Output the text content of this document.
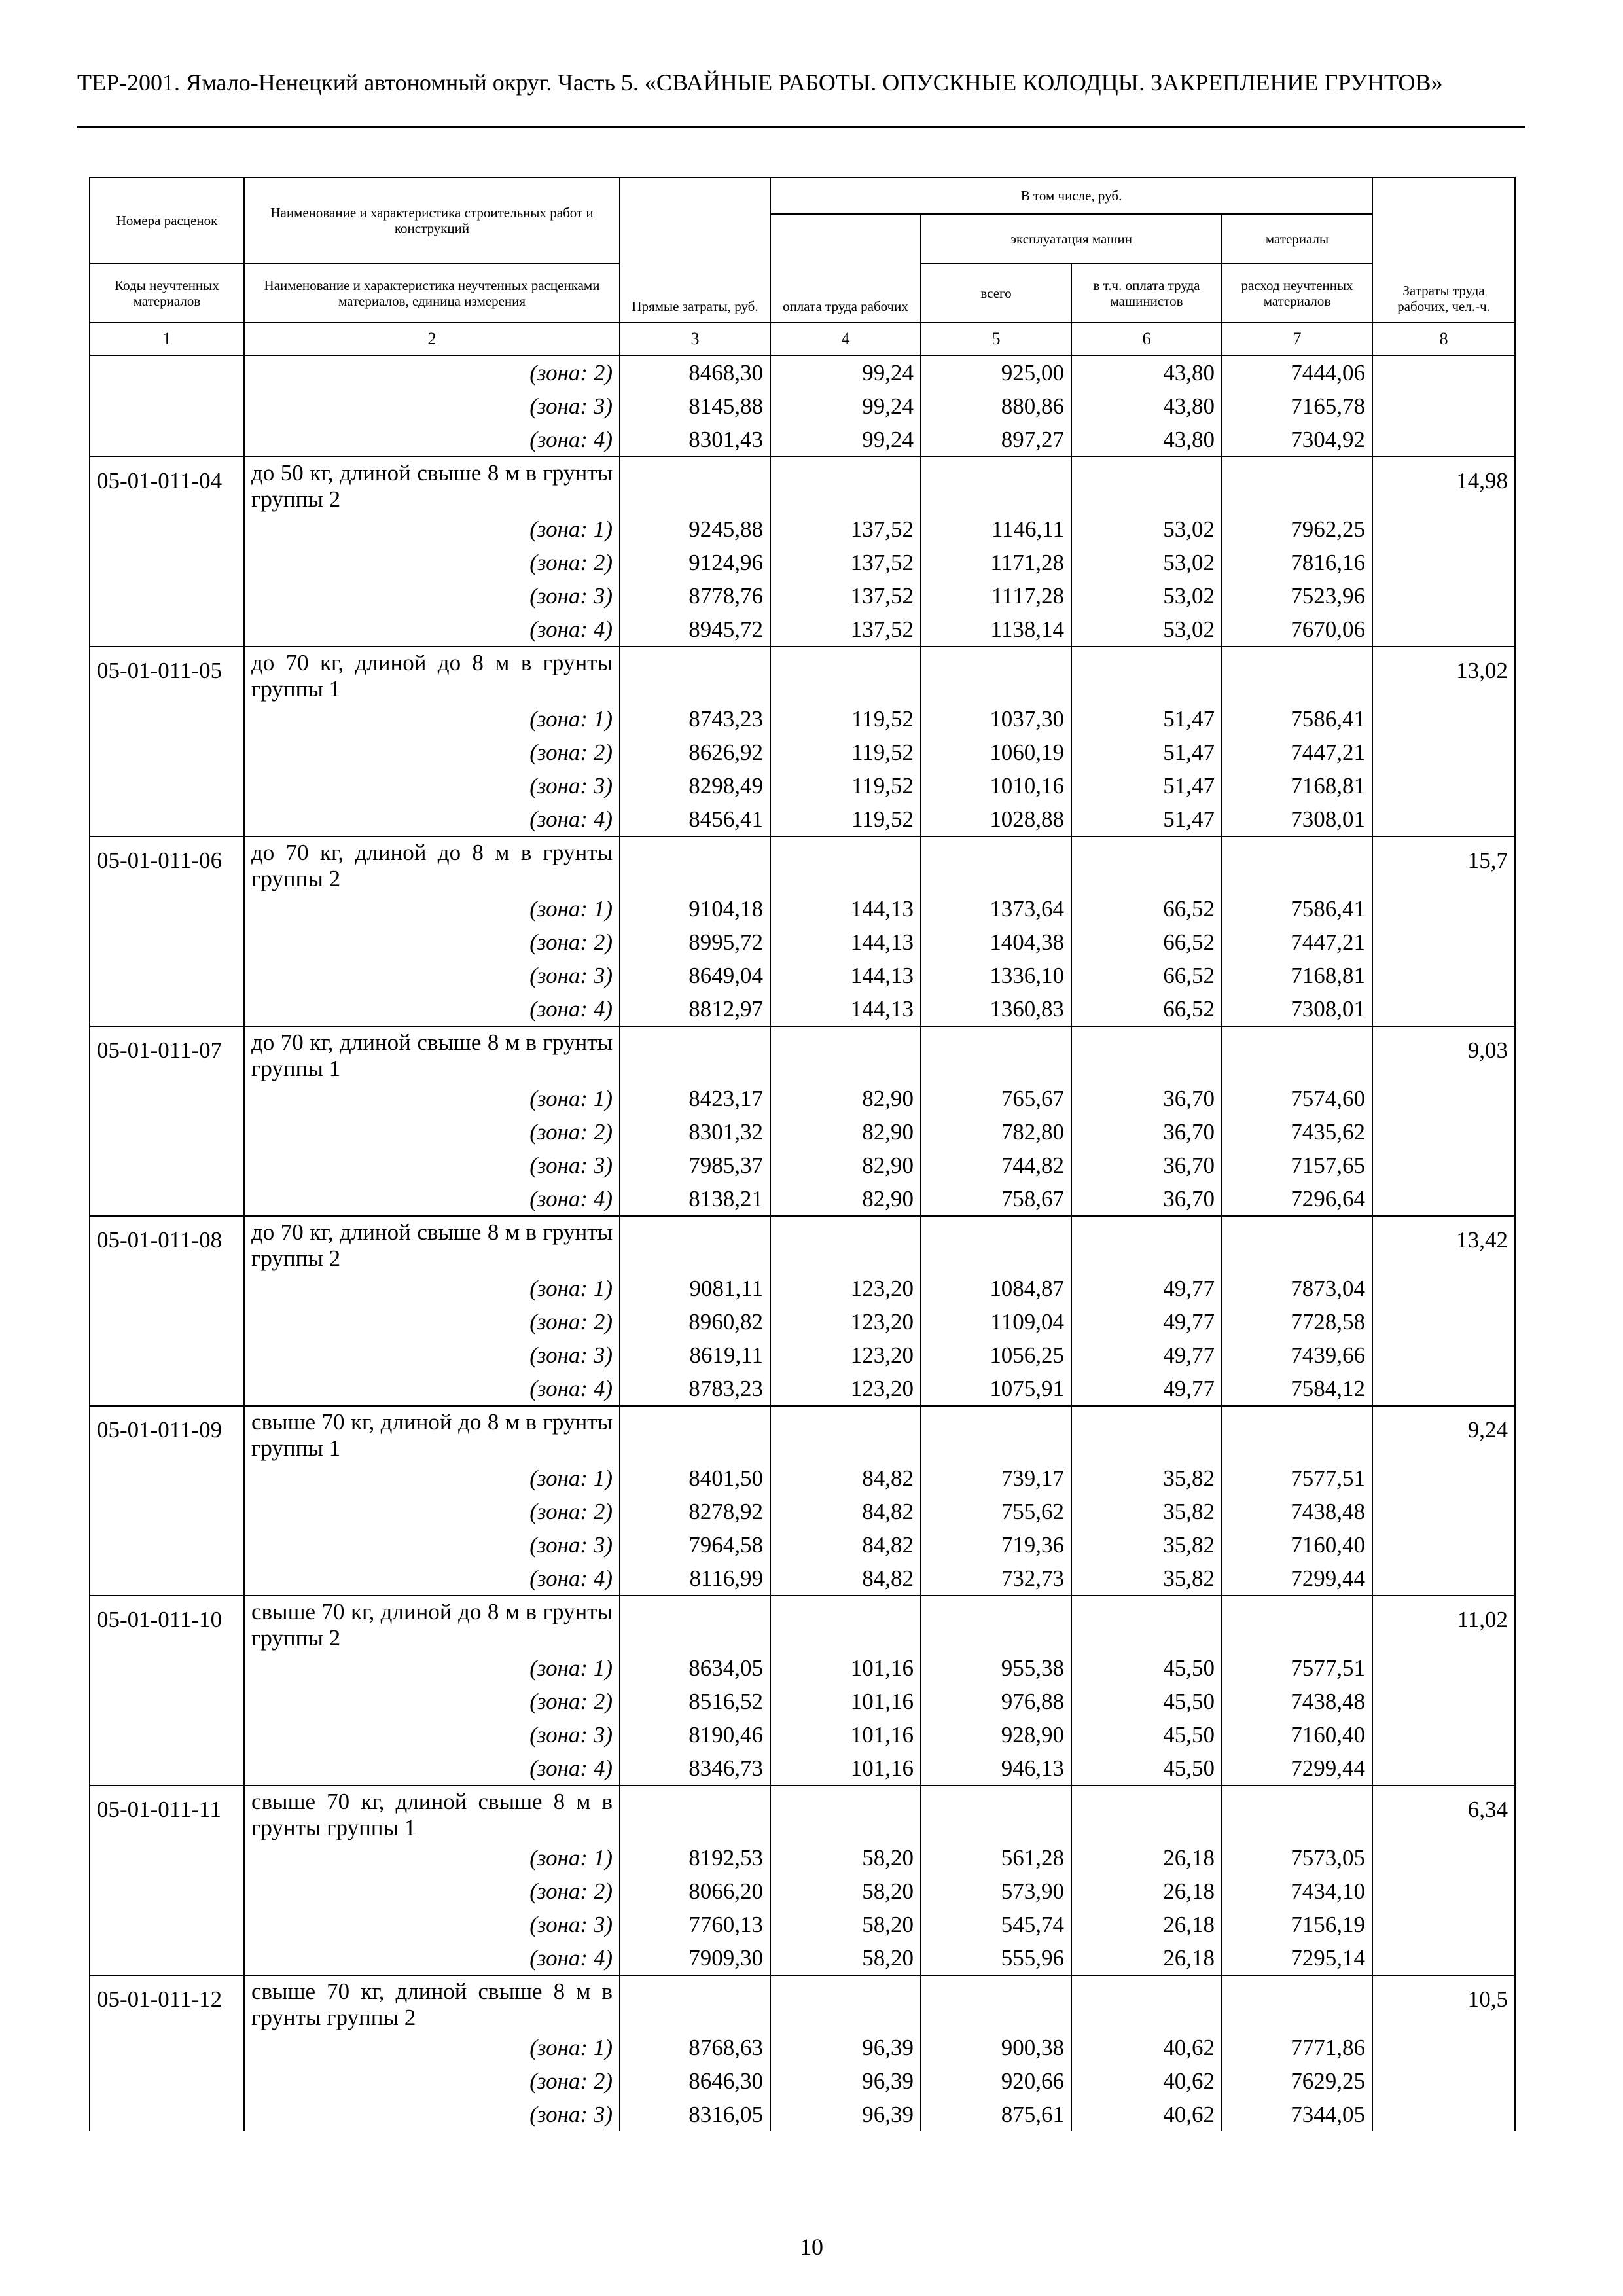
ТЕР-2001. Ямало-Ненецкий автономный округ. Часть 5. «СВАЙНЫЕ РАБОТЫ. ОПУСКНЫЕ КОЛОДЦЫ. ЗАКРЕПЛЕНИЕ ГРУНТОВ»
Номера расценок	Наименование и характеристика строительных работ и конструкций	Прямые затраты, руб.	В том числе, руб.				Затраты труда рабочих, чел.-ч.
			оплата труда рабочих	эксплуатация машин		материалы	
Коды неучтенных материалов	Наименование и характеристика неучтенных расценками материалов, единица измерения			всего	в т.ч. оплата труда машинистов	расход неучтенных материалов	
1	2	3	4	5	6	7	8
	(зона: 2)	8468,30	99,24	925,00	43,80	7444,06	
	(зона: 3)	8145,88	99,24	880,86	43,80	7165,78	
	(зона: 4)	8301,43	99,24	897,27	43,80	7304,92	
05-01-011-04	до 50 кг, длиной свыше 8 м в грунты группы 2						14,98
	(зона: 1)	9245,88	137,52	1146,11	53,02	7962,25	
	(зона: 2)	9124,96	137,52	1171,28	53,02	7816,16	
	(зона: 3)	8778,76	137,52	1117,28	53,02	7523,96	
	(зона: 4)	8945,72	137,52	1138,14	53,02	7670,06	
05-01-011-05	до 70 кг, длиной до 8 м в грунты группы 1						13,02
	(зона: 1)	8743,23	119,52	1037,30	51,47	7586,41	
	(зона: 2)	8626,92	119,52	1060,19	51,47	7447,21	
	(зона: 3)	8298,49	119,52	1010,16	51,47	7168,81	
	(зона: 4)	8456,41	119,52	1028,88	51,47	7308,01	
05-01-011-06	до 70 кг, длиной до 8 м в грунты группы 2						15,7
	(зона: 1)	9104,18	144,13	1373,64	66,52	7586,41	
	(зона: 2)	8995,72	144,13	1404,38	66,52	7447,21	
	(зона: 3)	8649,04	144,13	1336,10	66,52	7168,81	
	(зона: 4)	8812,97	144,13	1360,83	66,52	7308,01	
05-01-011-07	до 70 кг, длиной свыше 8 м в грунты группы 1						9,03
	(зона: 1)	8423,17	82,90	765,67	36,70	7574,60	
	(зона: 2)	8301,32	82,90	782,80	36,70	7435,62	
	(зона: 3)	7985,37	82,90	744,82	36,70	7157,65	
	(зона: 4)	8138,21	82,90	758,67	36,70	7296,64	
05-01-011-08	до 70 кг, длиной свыше 8 м в грунты группы 2						13,42
	(зона: 1)	9081,11	123,20	1084,87	49,77	7873,04	
	(зона: 2)	8960,82	123,20	1109,04	49,77	7728,58	
	(зона: 3)	8619,11	123,20	1056,25	49,77	7439,66	
	(зона: 4)	8783,23	123,20	1075,91	49,77	7584,12	
05-01-011-09	свыше 70 кг, длиной до 8 м в грунты группы 1						9,24
	(зона: 1)	8401,50	84,82	739,17	35,82	7577,51	
	(зона: 2)	8278,92	84,82	755,62	35,82	7438,48	
	(зона: 3)	7964,58	84,82	719,36	35,82	7160,40	
	(зона: 4)	8116,99	84,82	732,73	35,82	7299,44	
05-01-011-10	свыше 70 кг, длиной до 8 м в грунты группы 2						11,02
	(зона: 1)	8634,05	101,16	955,38	45,50	7577,51	
	(зона: 2)	8516,52	101,16	976,88	45,50	7438,48	
	(зона: 3)	8190,46	101,16	928,90	45,50	7160,40	
	(зона: 4)	8346,73	101,16	946,13	45,50	7299,44	
05-01-011-11	свыше 70 кг, длиной свыше 8 м в грунты группы 1						6,34
	(зона: 1)	8192,53	58,20	561,28	26,18	7573,05	
	(зона: 2)	8066,20	58,20	573,90	26,18	7434,10	
	(зона: 3)	7760,13	58,20	545,74	26,18	7156,19	
	(зона: 4)	7909,30	58,20	555,96	26,18	7295,14	
05-01-011-12	свыше 70 кг, длиной свыше 8 м в грунты группы 2						10,5
	(зона: 1)	8768,63	96,39	900,38	40,62	7771,86	
	(зона: 2)	8646,30	96,39	920,66	40,62	7629,25	
	(зона: 3)	8316,05	96,39	875,61	40,62	7344,05	
10
